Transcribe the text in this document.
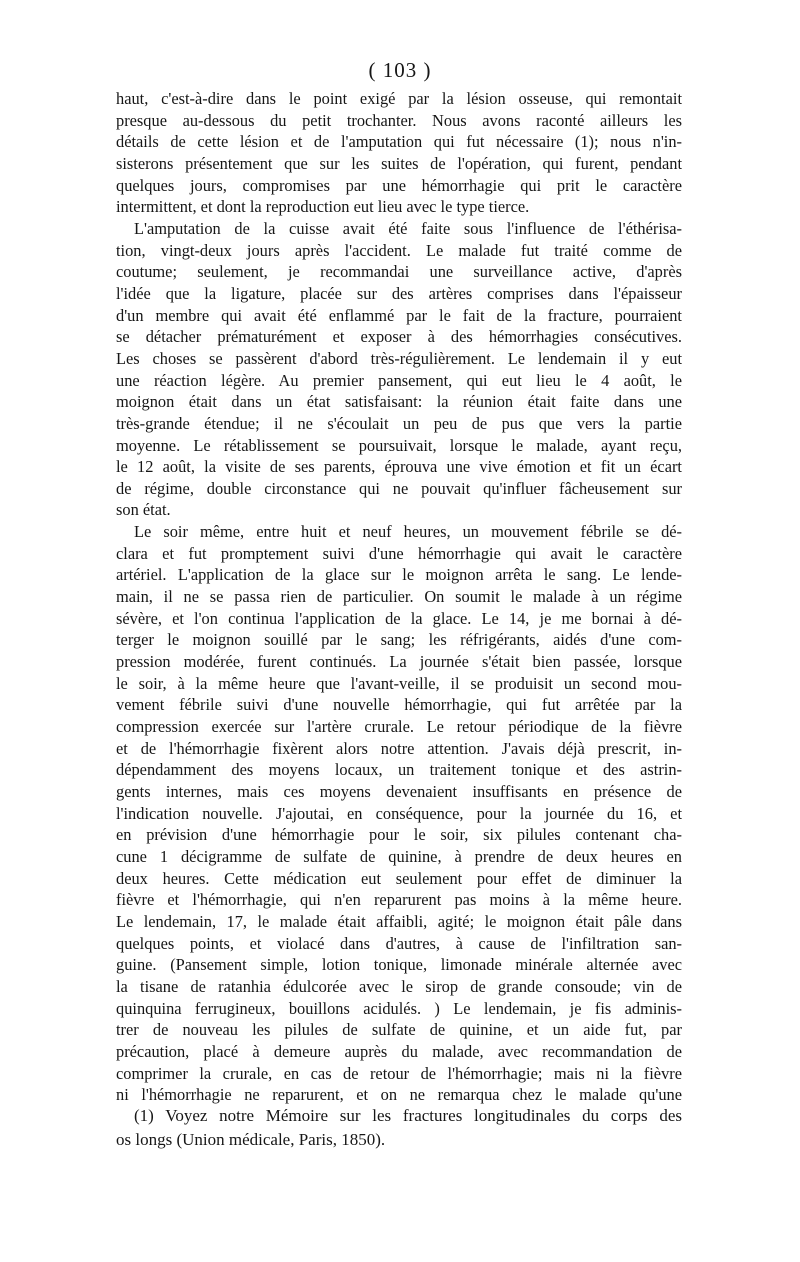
( 103 )

haut, c'est-à-dire dans le point exigé par la lésion osseuse, qui remontait

presque au-dessous du petit trochanter. Nous avons raconté ailleurs les

détails de cette lésion et de l'amputation qui fut nécessaire (1); nous n'in-

sisterons présentement que sur les suites de l'opération, qui furent, pendant

quelques jours, compromises par une hémorrhagie qui prit le caractère

intermittent, et dont la reproduction eut lieu avec le type tierce.

L'amputation de la cuisse avait été faite sous l'influence de l'éthérisa-

tion, vingt-deux jours après l'accident. Le malade fut traité comme de

coutume; seulement, je recommandai une surveillance active, d'après

l'idée que la ligature, placée sur des artères comprises dans l'épaisseur

d'un membre qui avait été enflammé par le fait de la fracture, pourraient

se détacher prématurément et exposer à des hémorrhagies consécutives.

Les choses se passèrent d'abord très-régulièrement. Le lendemain il y eut

une réaction légère. Au premier pansement, qui eut lieu le 4 août, le

moignon était dans un état satisfaisant: la réunion était faite dans une

très-grande étendue; il ne s'écoulait un peu de pus que vers la partie

moyenne. Le rétablissement se poursuivait, lorsque le malade, ayant reçu,

le 12 août, la visite de ses parents, éprouva une vive émotion et fit un écart

de régime, double circonstance qui ne pouvait qu'influer fâcheusement sur

son état.

Le soir même, entre huit et neuf heures, un mouvement fébrile se dé-

clara et fut promptement suivi d'une hémorrhagie qui avait le caractère

artériel. L'application de la glace sur le moignon arrêta le sang. Le lende-

main, il ne se passa rien de particulier. On soumit le malade à un régime

sévère, et l'on continua l'application de la glace. Le 14, je me bornai à dé-

terger le moignon souillé par le sang; les réfrigérants, aidés d'une com-

pression modérée, furent continués. La journée s'était bien passée, lorsque

le soir, à la même heure que l'avant-veille, il se produisit un second mou-

vement fébrile suivi d'une nouvelle hémorrhagie, qui fut arrêtée par la

compression exercée sur l'artère crurale. Le retour périodique de la fièvre

et de l'hémorrhagie fixèrent alors notre attention. J'avais déjà prescrit, in-

dépendamment des moyens locaux, un traitement tonique et des astrin-

gents internes, mais ces moyens devenaient insuffisants en présence de

l'indication nouvelle. J'ajoutai, en conséquence, pour la journée du 16, et

en prévision d'une hémorrhagie pour le soir, six pilules contenant cha-

cune 1 décigramme de sulfate de quinine, à prendre de deux heures en

deux heures. Cette médication eut seulement pour effet de diminuer la

fièvre et l'hémorrhagie, qui n'en reparurent pas moins à la même heure.

Le lendemain, 17, le malade était affaibli, agité; le moignon était pâle dans

quelques points, et violacé dans d'autres, à cause de l'infiltration san-

guine. (Pansement simple, lotion tonique, limonade minérale alternée avec

la tisane de ratanhia édulcorée avec le sirop de grande consoude; vin de

quinquina ferrugineux, bouillons acidulés. ) Le lendemain, je fis adminis-

trer de nouveau les pilules de sulfate de quinine, et un aide fut, par

précaution, placé à demeure auprès du malade, avec recommandation de

comprimer la crurale, en cas de retour de l'hémorrhagie; mais ni la fièvre

ni l'hémorrhagie ne reparurent, et on ne remarqua chez le malade qu'une

(1) Voyez notre Mémoire sur les fractures longitudinales du corps des

os longs (Union médicale, Paris, 1850).
